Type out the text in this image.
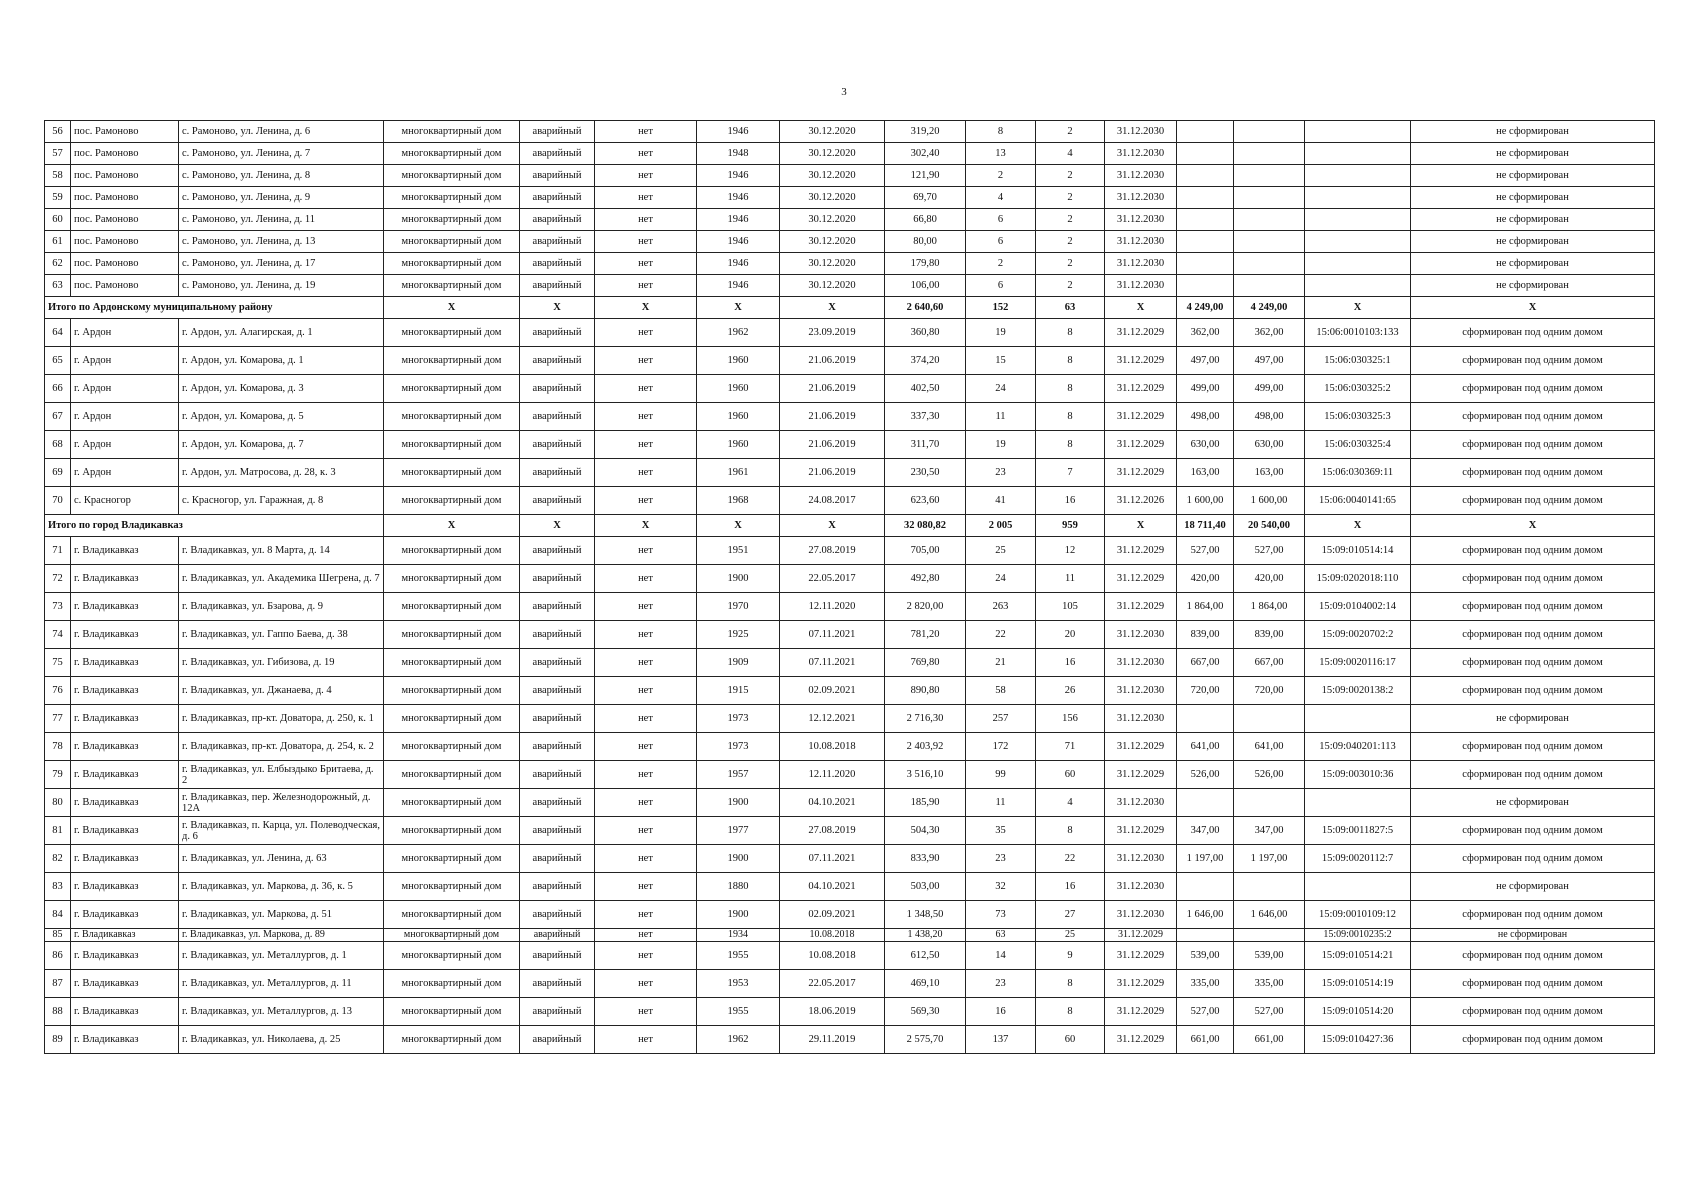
3
56	пос. Рамоново	с. Рамоново, ул. Ленина, д. 6	многоквартирный дом	аварийный	нет	1946	30.12.2020	319,20	8	2	31.12.2030				не сформирован
57	пос. Рамоново	с. Рамоново, ул. Ленина, д. 7	многоквартирный дом	аварийный	нет	1948	30.12.2020	302,40	13	4	31.12.2030				не сформирован
58	пос. Рамоново	с. Рамоново, ул. Ленина, д. 8	многоквартирный дом	аварийный	нет	1946	30.12.2020	121,90	2	2	31.12.2030				не сформирован
59	пос. Рамоново	с. Рамоново, ул. Ленина, д. 9	многоквартирный дом	аварийный	нет	1946	30.12.2020	69,70	4	2	31.12.2030				не сформирован
60	пос. Рамоново	с. Рамоново, ул. Ленина, д. 11	многоквартирный дом	аварийный	нет	1946	30.12.2020	66,80	6	2	31.12.2030				не сформирован
61	пос. Рамоново	с. Рамоново, ул. Ленина, д. 13	многоквартирный дом	аварийный	нет	1946	30.12.2020	80,00	6	2	31.12.2030				не сформирован
62	пос. Рамоново	с. Рамоново, ул. Ленина, д. 17	многоквартирный дом	аварийный	нет	1946	30.12.2020	179,80	2	2	31.12.2030				не сформирован
63	пос. Рамоново	с. Рамоново, ул. Ленина, д. 19	многоквартирный дом	аварийный	нет	1946	30.12.2020	106,00	6	2	31.12.2030				не сформирован
Итого по Ардонскому муниципальному району			Х	Х	Х	Х	Х	2 640,60	152	63	Х	4 249,00	4 249,00	Х	Х
64	г. Ардон	г. Ардон, ул. Алагирская, д. 1	многоквартирный дом	аварийный	нет	1962	23.09.2019	360,80	19	8	31.12.2029	362,00	362,00	15:06:0010103:133	сформирован под одним домом
65	г. Ардон	г. Ардон, ул. Комарова, д. 1	многоквартирный дом	аварийный	нет	1960	21.06.2019	374,20	15	8	31.12.2029	497,00	497,00	15:06:030325:1	сформирован под одним домом
66	г. Ардон	г. Ардон, ул. Комарова, д. 3	многоквартирный дом	аварийный	нет	1960	21.06.2019	402,50	24	8	31.12.2029	499,00	499,00	15:06:030325:2	сформирован под одним домом
67	г. Ардон	г. Ардон, ул. Комарова, д. 5	многоквартирный дом	аварийный	нет	1960	21.06.2019	337,30	11	8	31.12.2029	498,00	498,00	15:06:030325:3	сформирован под одним домом
68	г. Ардон	г. Ардон, ул. Комарова, д. 7	многоквартирный дом	аварийный	нет	1960	21.06.2019	311,70	19	8	31.12.2029	630,00	630,00	15:06:030325:4	сформирован под одним домом
69	г. Ардон	г. Ардон, ул. Матросова, д. 28, к. 3	многоквартирный дом	аварийный	нет	1961	21.06.2019	230,50	23	7	31.12.2029	163,00	163,00	15:06:030369:11	сформирован под одним домом
70	с. Красногор	с. Красногор, ул. Гаражная, д. 8	многоквартирный дом	аварийный	нет	1968	24.08.2017	623,60	41	16	31.12.2026	1 600,00	1 600,00	15:06:0040141:65	сформирован под одним домом
Итого по город Владикавказ			Х	Х	Х	Х	Х	32 080,82	2 005	959	Х	18 711,40	20 540,00	Х	Х
71	г. Владикавказ	г. Владикавказ, ул. 8 Марта, д. 14	многоквартирный дом	аварийный	нет	1951	27.08.2019	705,00	25	12	31.12.2029	527,00	527,00	15:09:010514:14	сформирован под одним домом
72	г. Владикавказ	г. Владикавказ, ул. Академика Шегрена, д. 7	многоквартирный дом	аварийный	нет	1900	22.05.2017	492,80	24	11	31.12.2029	420,00	420,00	15:09:0202018:110	сформирован под одним домом
73	г. Владикавказ	г. Владикавказ, ул. Бзарова, д. 9	многоквартирный дом	аварийный	нет	1970	12.11.2020	2 820,00	263	105	31.12.2029	1 864,00	1 864,00	15:09:0104002:14	сформирован под одним домом
74	г. Владикавказ	г. Владикавказ, ул. Гаппо Баева, д. 38	многоквартирный дом	аварийный	нет	1925	07.11.2021	781,20	22	20	31.12.2030	839,00	839,00	15:09:0020702:2	сформирован под одним домом
75	г. Владикавказ	г. Владикавказ, ул. Гибизова, д. 19	многоквартирный дом	аварийный	нет	1909	07.11.2021	769,80	21	16	31.12.2030	667,00	667,00	15:09:0020116:17	сформирован под одним домом
76	г. Владикавказ	г. Владикавказ, ул. Джанаева, д. 4	многоквартирный дом	аварийный	нет	1915	02.09.2021	890,80	58	26	31.12.2030	720,00	720,00	15:09:0020138:2	сформирован под одним домом
77	г. Владикавказ	г. Владикавказ, пр-кт. Доватора, д. 250, к. 1	многоквартирный дом	аварийный	нет	1973	12.12.2021	2 716,30	257	156	31.12.2030				не сформирован
78	г. Владикавказ	г. Владикавказ, пр-кт. Доватора, д. 254, к. 2	многоквартирный дом	аварийный	нет	1973	10.08.2018	2 403,92	172	71	31.12.2029	641,00	641,00	15:09:040201:113	сформирован под одним домом
79	г. Владикавказ	г. Владикавказ, ул. Елбыздыко Бритаева, д. 2	многоквартирный дом	аварийный	нет	1957	12.11.2020	3 516,10	99	60	31.12.2029	526,00	526,00	15:09:003010:36	сформирован под одним домом
80	г. Владикавказ	г. Владикавказ, пер. Железнодорожный, д. 12А	многоквартирный дом	аварийный	нет	1900	04.10.2021	185,90	11	4	31.12.2030				не сформирован
81	г. Владикавказ	г. Владикавказ, п. Карца, ул. Полеводческая, д. 6	многоквартирный дом	аварийный	нет	1977	27.08.2019	504,30	35	8	31.12.2029	347,00	347,00	15:09:0011827:5	сформирован под одним домом
82	г. Владикавказ	г. Владикавказ, ул. Ленина, д. 63	многоквартирный дом	аварийный	нет	1900	07.11.2021	833,90	23	22	31.12.2030	1 197,00	1 197,00	15:09:0020112:7	сформирован под одним домом
83	г. Владикавказ	г. Владикавказ, ул. Маркова, д. 36, к. 5	многоквартирный дом	аварийный	нет	1880	04.10.2021	503,00	32	16	31.12.2030				не сформирован
84	г. Владикавказ	г. Владикавказ, ул. Маркова, д. 51	многоквартирный дом	аварийный	нет	1900	02.09.2021	1 348,50	73	27	31.12.2030	1 646,00	1 646,00	15:09:0010109:12	сформирован под одним домом
85	г. Владикавказ	г. Владикавказ, ул. Маркова, д. 89	многоквартирный дом	аварийный	нет	1934	10.08.2018	1 438,20	63	25	31.12.2029			15:09:0010235:2	не сформирован
86	г. Владикавказ	г. Владикавказ, ул. Металлургов, д. 1	многоквартирный дом	аварийный	нет	1955	10.08.2018	612,50	14	9	31.12.2029	539,00	539,00	15:09:010514:21	сформирован под одним домом
87	г. Владикавказ	г. Владикавказ, ул. Металлургов, д. 11	многоквартирный дом	аварийный	нет	1953	22.05.2017	469,10	23	8	31.12.2029	335,00	335,00	15:09:010514:19	сформирован под одним домом
88	г. Владикавказ	г. Владикавказ, ул. Металлургов, д. 13	многоквартирный дом	аварийный	нет	1955	18.06.2019	569,30	16	8	31.12.2029	527,00	527,00	15:09:010514:20	сформирован под одним домом
89	г. Владикавказ	г. Владикавказ, ул. Николаева, д. 25	многоквартирный дом	аварийный	нет	1962	29.11.2019	2 575,70	137	60	31.12.2029	661,00	661,00	15:09:010427:36	сформирован под одним домом
